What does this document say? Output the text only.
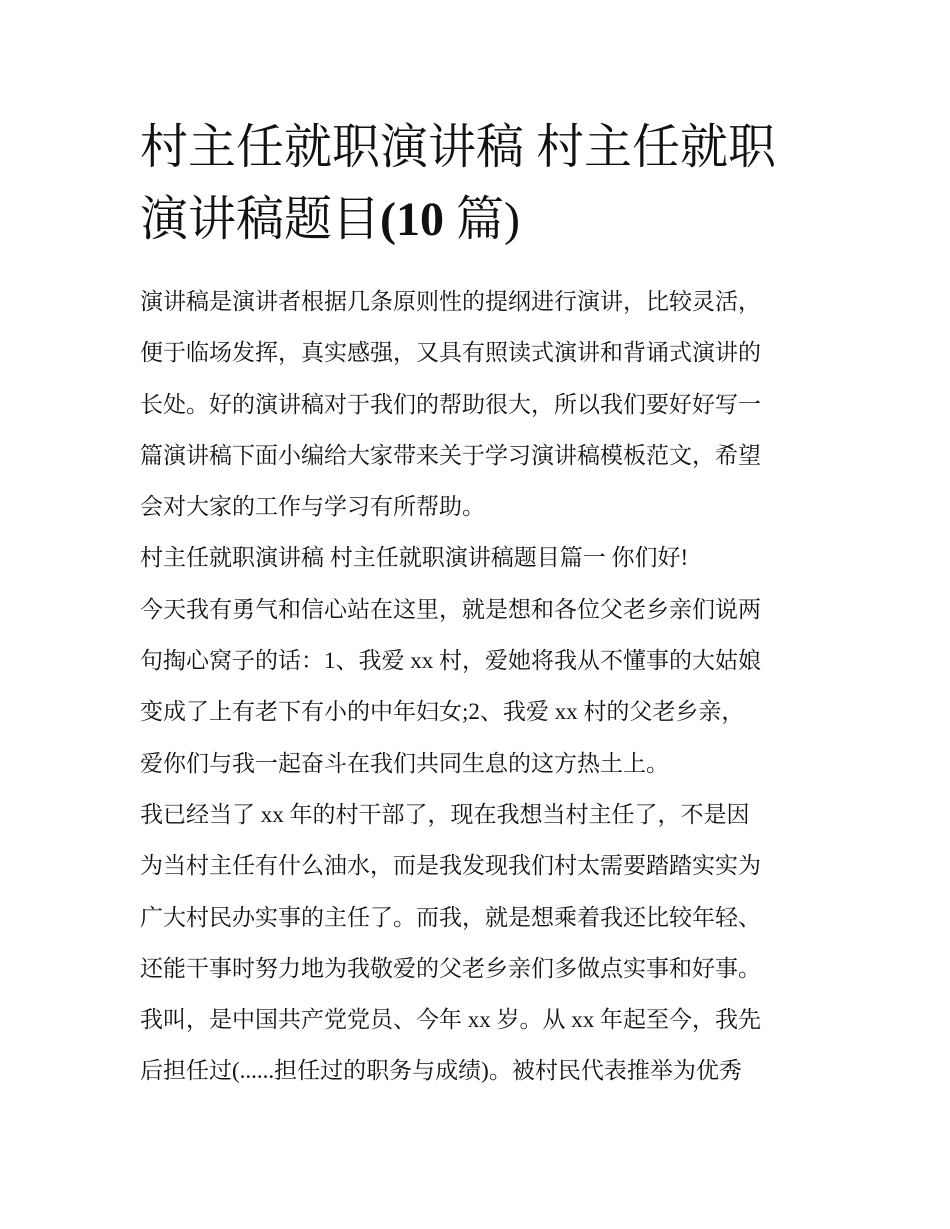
村主任就职演讲稿 村主任就职
演讲稿题目(10 篇)
演讲稿是演讲者根据几条原则性的提纲进行演讲，比较灵活，
便于临场发挥，真实感强，又具有照读式演讲和背诵式演讲的
长处。好的演讲稿对于我们的帮助很大，所以我们要好好写一
篇演讲稿下面小编给大家带来关于学习演讲稿模板范文，希望
会对大家的工作与学习有所帮助。
村主任就职演讲稿 村主任就职演讲稿题目篇一 你们好!
今天我有勇气和信心站在这里，就是想和各位父老乡亲们说两
句掏心窝子的话：1、我爱 xx 村，爱她将我从不懂事的大姑娘
变成了上有老下有小的中年妇女;2、我爱 xx 村的父老乡亲，
爱你们与我一起奋斗在我们共同生息的这方热土上。
我已经当了 xx 年的村干部了，现在我想当村主任了，不是因
为当村主任有什么油水，而是我发现我们村太需要踏踏实实为
广大村民办实事的主任了。而我，就是想乘着我还比较年轻、
还能干事时努力地为我敬爱的父老乡亲们多做点实事和好事。
我叫，是中国共产党党员、今年 xx 岁。从 xx 年起至今，我先
后担任过(......担任过的职务与成绩)。被村民代表推举为优秀
